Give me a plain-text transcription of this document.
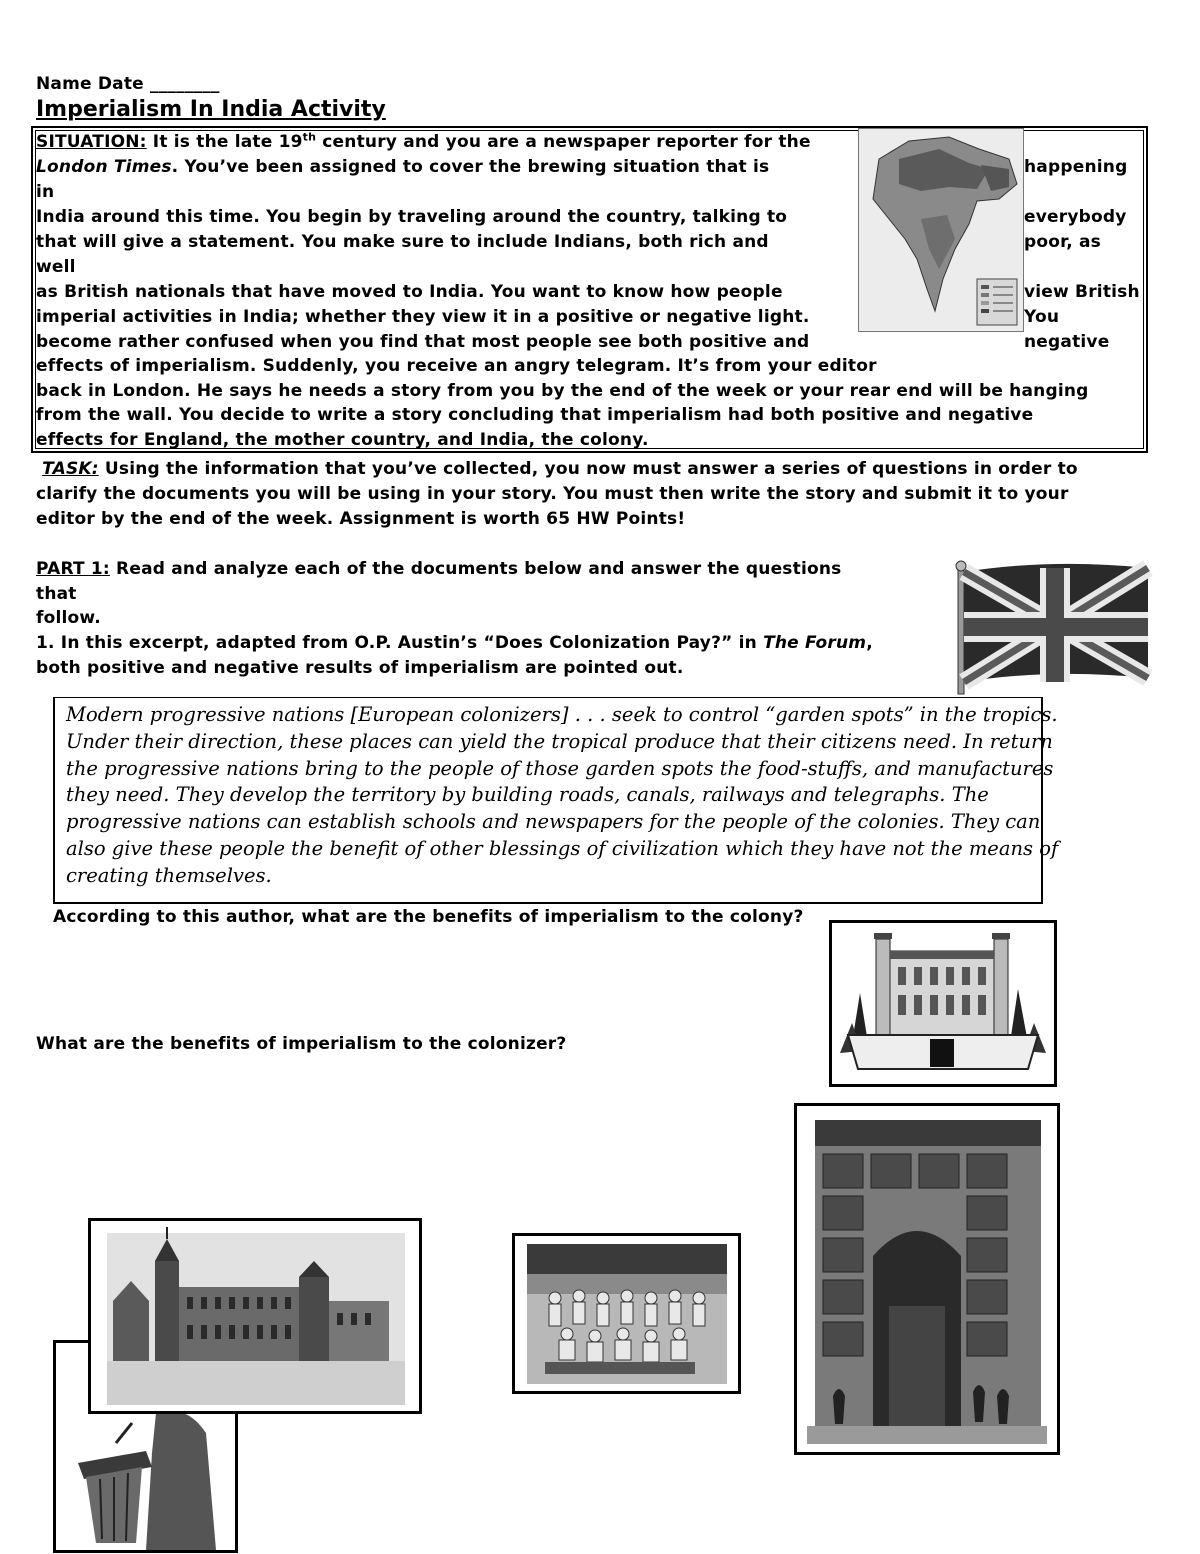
Name Date ________
Imperialism In India Activity
SITUATION: It is the late 19th century and you are a newspaper reporter for the
London Times. You’ve been assigned to cover the brewing situation that is	happening
in
India around this time. You begin by traveling around the country, talking to	everybody
that will give a statement. You make sure to include Indians, both rich and	poor, as
well
as British nationals that have moved to India. You want to know how people	view British
imperial activities in India; whether they view it in a positive or negative light.	You
become rather confused when you find that most people see both positive and	negative
effects of imperialism. Suddenly, you receive an angry telegram. It’s from your editor
back in London. He says he needs a story from you by the end of the week or your rear end will be hanging
from the wall. You decide to write a story concluding that imperialism had both positive and negative
effects for England, the mother country, and India, the colony.
TASK: Using the information that you’ve collected, you now must answer a series of questions in order to
clarify the documents you will be using in your story. You must then write the story and submit it to your
editor by the end of the week. Assignment is worth 65 HW Points!
PART 1: Read and analyze each of the documents below and answer the questions
that
follow.
1. In this excerpt, adapted from O.P. Austin’s “Does Colonization Pay?” in The Forum,
both positive and negative results of imperialism are pointed out.
Modern progressive nations [European colonizers] . . . seek to control “garden spots” in the tropics.
Under their direction, these places can yield the tropical produce that their citizens need. In return
the progressive nations bring to the people of those garden spots the food-stuffs, and manufactures
they need. They develop the territory by building roads, canals, railways and telegraphs. The
progressive nations can establish schools and newspapers for the people of the colonies. They can
also give these people the benefit of other blessings of civilization which they have not the means of
creating themselves.
According to this author, what are the benefits of imperialism to the colony?
What are the benefits of imperialism to the colonizer?
